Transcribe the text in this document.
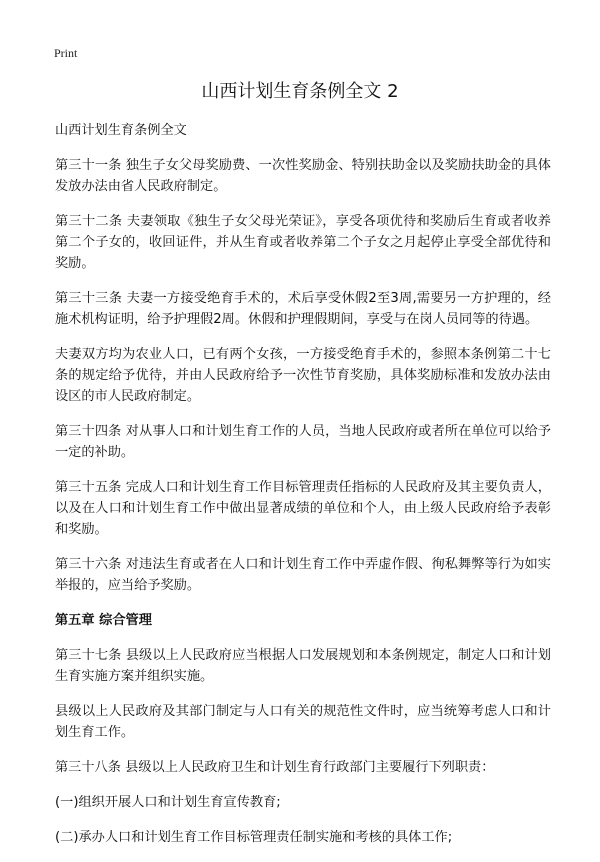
Print
山西计划生育条例全文 2

山西计划生育条例全文

第三十一条 独生子女父母奖励费、一次性奖励金、特别扶助金以及奖励扶助金的具体发放办法由省人民政府制定。

第三十二条 夫妻领取《独生子女父母光荣证》，享受各项优待和奖励后生育或者收养第二个子女的，收回证件，并从生育或者收养第二个子女之月起停止享受全部优待和奖励。

第三十三条 夫妻一方接受绝育手术的，术后享受休假2至3周,需要另一方护理的，经施术机构证明，给予护理假2周。休假和护理假期间，享受与在岗人员同等的待遇。

夫妻双方均为农业人口，已有两个女孩，一方接受绝育手术的，参照本条例第二十七条的规定给予优待，并由人民政府给予一次性节育奖励，具体奖励标准和发放办法由设区的市人民政府制定。

第三十四条 对从事人口和计划生育工作的人员，当地人民政府或者所在单位可以给予一定的补助。

第三十五条 完成人口和计划生育工作目标管理责任指标的人民政府及其主要负责人，以及在人口和计划生育工作中做出显著成绩的单位和个人，由上级人民政府给予表彰和奖励。

第三十六条 对违法生育或者在人口和计划生育工作中弄虚作假、徇私舞弊等行为如实举报的，应当给予奖励。

第五章 综合管理

第三十七条 县级以上人民政府应当根据人口发展规划和本条例规定，制定人口和计划生育实施方案并组织实施。

县级以上人民政府及其部门制定与人口有关的规范性文件时，应当统筹考虑人口和计划生育工作。

第三十八条 县级以上人民政府卫生和计划生育行政部门主要履行下列职责：

(一)组织开展人口和计划生育宣传教育;

(二)承办人口和计划生育工作目标管理责任制实施和考核的具体工作;
